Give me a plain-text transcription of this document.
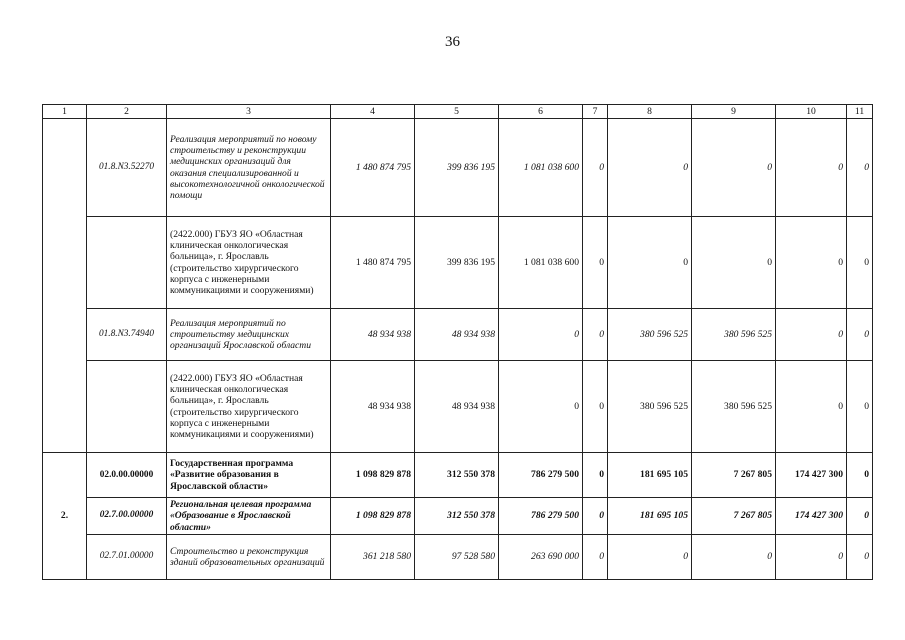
36
1	2	3	4	5	6	7	8	9	10	11
	01.8.N3.52270	Реализация мероприятий по новому строительству и реконструкции медицинских организаций для оказания специализированной и высокотехнологичной онкологической помощи	1 480 874 795	399 836 195	1 081 038 600	0	0	0	0	0
		(2422.000) ГБУЗ ЯО «Областная клиническая онкологическая больница», г. Ярославль (строительство хирургического корпуса с инженерными коммуникациями и сооружениями)	1 480 874 795	399 836 195	1 081 038 600	0	0	0	0	0
	01.8.N3.74940	Реализация мероприятий по строительству медицинских организаций Ярославской области	48 934 938	48 934 938	0	0	380 596 525	380 596 525	0	0
		(2422.000) ГБУЗ ЯО «Областная клиническая онкологическая больница», г. Ярославль (строительство хирургического корпуса с инженерными коммуникациями и сооружениями)	48 934 938	48 934 938	0	0	380 596 525	380 596 525	0	0
2.	02.0.00.00000	Государственная программа «Развитие образования в Ярославской области»	1 098 829 878	312 550 378	786 279 500	0	181 695 105	7 267 805	174 427 300	0
	02.7.00.00000	Региональная целевая программа «Образование в Ярославской области»	1 098 829 878	312 550 378	786 279 500	0	181 695 105	7 267 805	174 427 300	0
	02.7.01.00000	Строительство и реконструкция зданий образовательных организаций	361 218 580	97 528 580	263 690 000	0	0	0	0	0
